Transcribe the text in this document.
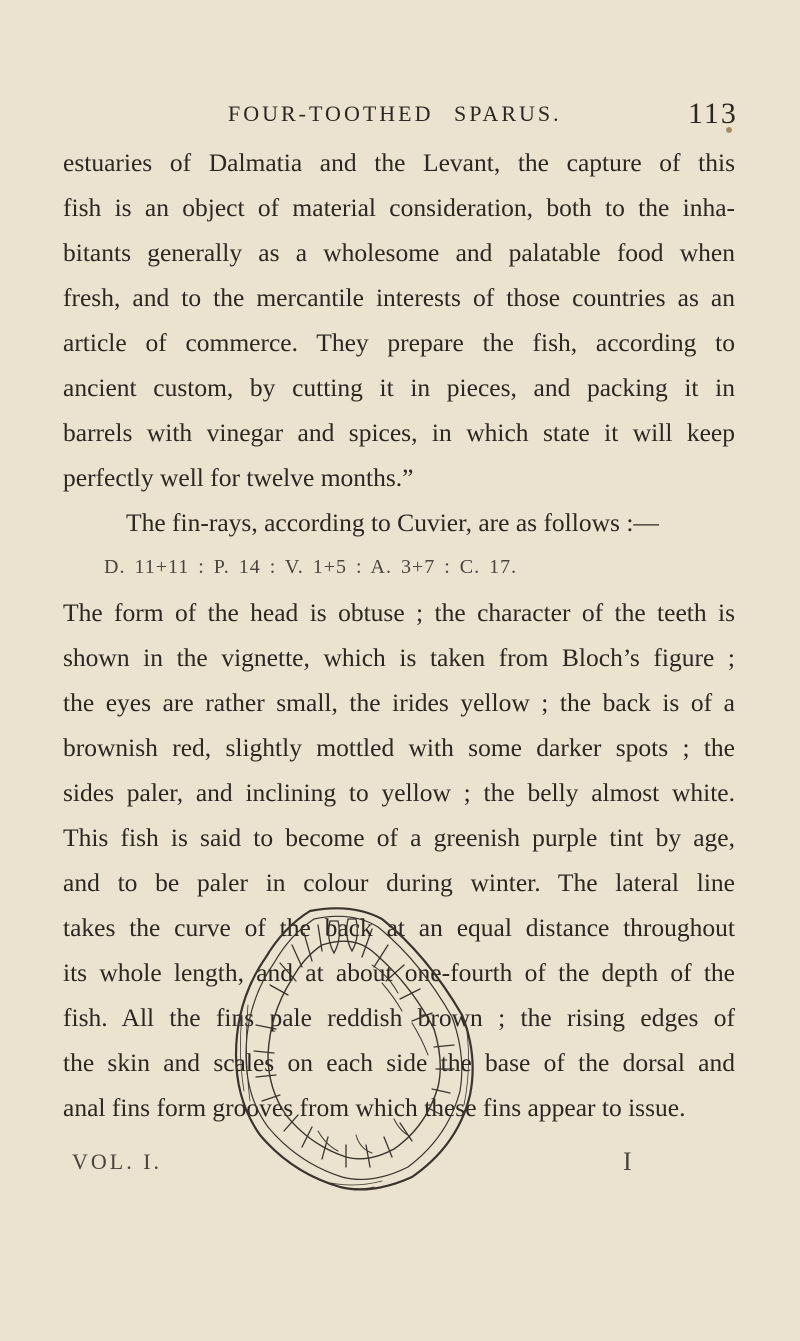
FOUR-TOOTHED SPARUS.	113
estuaries of Dalmatia and the Levant, the capture of this
fish is an object of material consideration, both to the inha-
bitants generally as a wholesome and palatable food when
fresh, and to the mercantile interests of those countries as an
article of commerce. They prepare the fish, according to
ancient custom, by cutting it in pieces, and packing it in
barrels with vinegar and spices, in which state it will keep
perfectly well for twelve months.”
The fin-rays, according to Cuvier, are as follows :—
D. 11+11 : P. 14 : V. 1+5 : A. 3+7 : C. 17.
The form of the head is obtuse ; the character of the teeth is
shown in the vignette, which is taken from Bloch’s figure ;
the eyes are rather small, the irides yellow ; the back is of a
brownish red, slightly mottled with some darker spots ; the
sides paler, and inclining to yellow ; the belly almost white.
This fish is said to become of a greenish purple tint by age,
and to be paler in colour during winter. The lateral line
takes the curve of the back at an equal distance throughout
its whole length, and at about one-fourth of the depth of the
fish. All the fins pale reddish brown ; the rising edges of
the skin and scales on each side the base of the dorsal and
anal fins form grooves from which these fins appear to issue.
VOL. I.	I
